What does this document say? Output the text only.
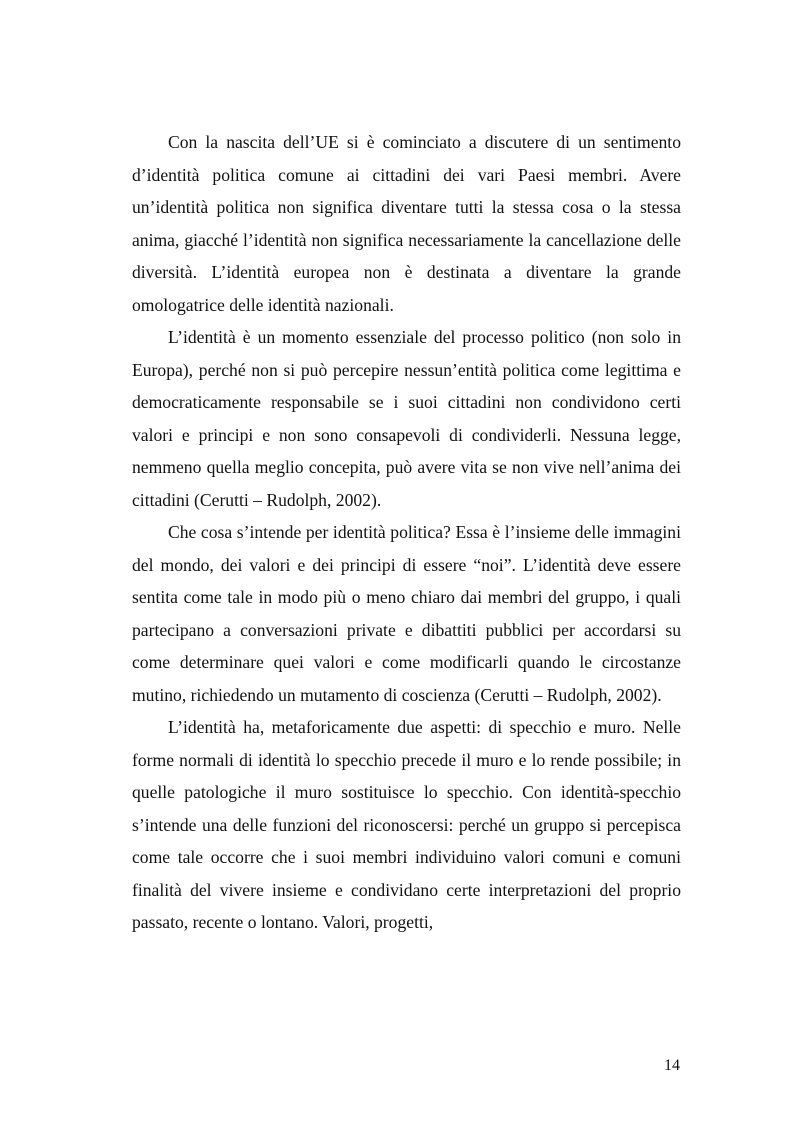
Con la nascita dell’UE si è cominciato a discutere di un sentimento d’identità politica comune ai cittadini dei vari Paesi membri. Avere un’identità politica non significa diventare tutti la stessa cosa o la stessa anima, giacché l’identità non significa necessariamente la cancellazione delle diversità. L’identità europea non è destinata a diventare la grande omologatrice delle identità nazionali.

L’identità è un momento essenziale del processo politico (non solo in Europa), perché non si può percepire nessun’entità politica come legittima e democraticamente responsabile se i suoi cittadini non condividono certi valori e principi e non sono consapevoli di condividerli. Nessuna legge, nemmeno quella meglio concepita, può avere vita se non vive nell’anima dei cittadini (Cerutti – Rudolph, 2002).

Che cosa s’intende per identità politica? Essa è l’insieme delle immagini del mondo, dei valori e dei principi di essere “noi”. L’identità deve essere sentita come tale in modo più o meno chiaro dai membri del gruppo, i quali partecipano a conversazioni private e dibattiti pubblici per accordarsi su come determinare quei valori e come modificarli quando le circostanze mutino, richiedendo un mutamento di coscienza (Cerutti – Rudolph, 2002).

L’identità ha, metaforicamente due aspetti: di specchio e muro. Nelle forme normali di identità lo specchio precede il muro e lo rende possibile; in quelle patologiche il muro sostituisce lo specchio. Con identità-specchio s’intende una delle funzioni del riconoscersi: perché un gruppo si percepisca come tale occorre che i suoi membri individuino valori comuni e comuni finalità del vivere insieme e condividano certe interpretazioni del proprio passato, recente o lontano. Valori, progetti,

14
